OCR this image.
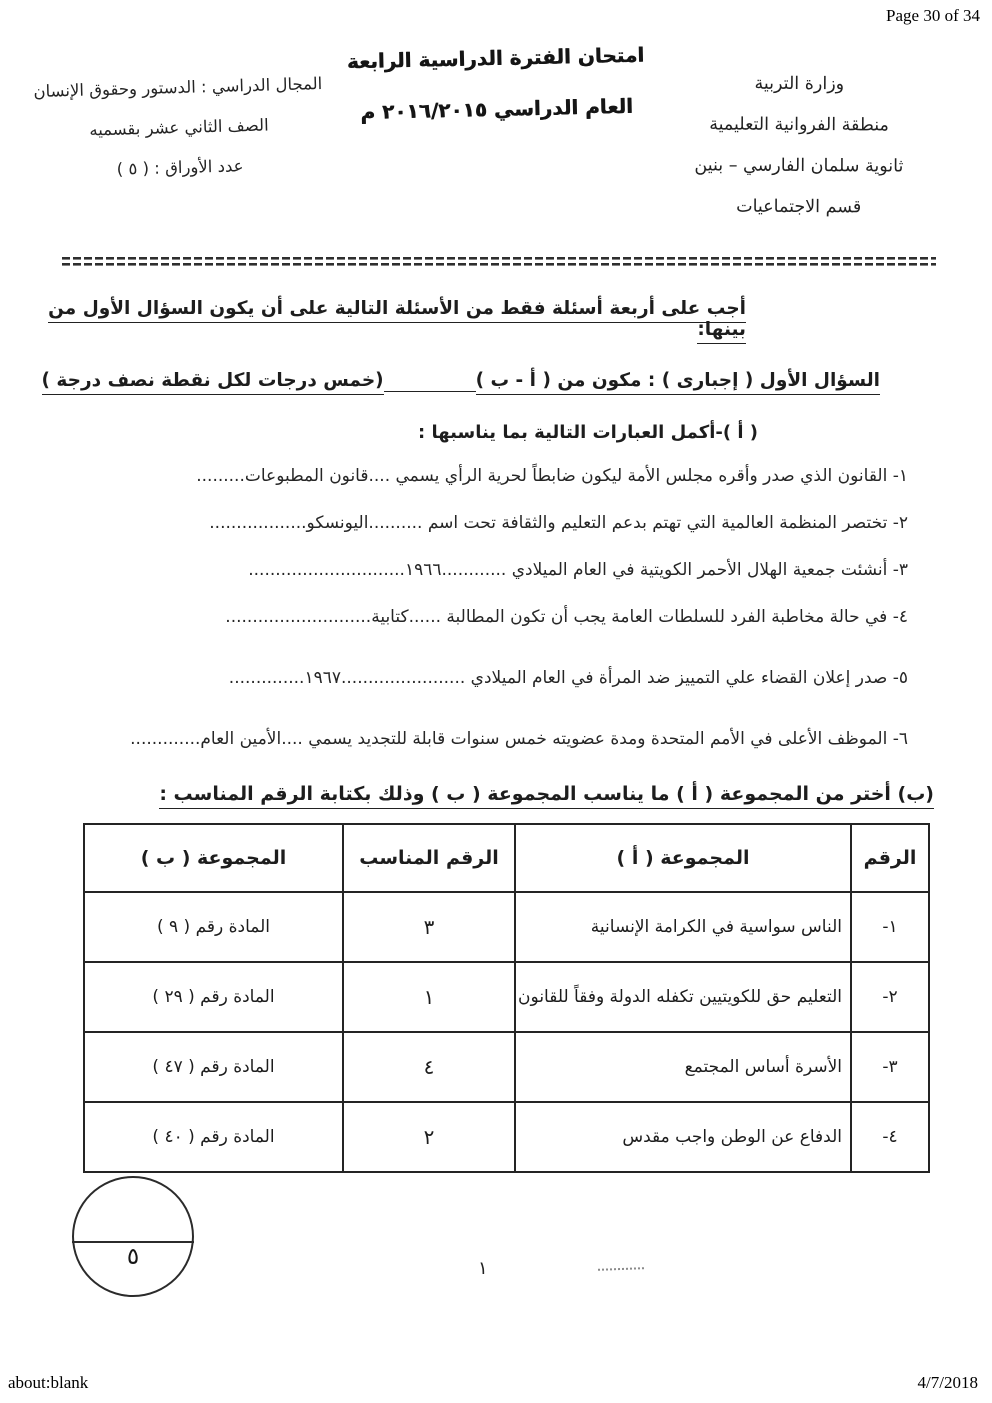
Page 30 of 34
وزارة التربية
منطقة الفروانية التعليمية
ثانوية سلمان الفارسي – بنين
قسم الاجتماعيات
امتحان الفترة الدراسية الرابعة
العام الدراسي ٢٠١٦/٢٠١٥ م
المجال الدراسي : الدستور وحقوق الإنسان
الصف الثاني عشر بقسميه
عدد الأوراق : ( ٥ )

أجب على أربعة أسئلة فقط من الأسئلة التالية على أن يكون السؤال الأول من بينها:

السؤال الأول ( إجبارى ) : مكون من ( أ - ب )(خمس درجات لكل نقطة نصف درجة )

( أ )-أكمل العبارات التالية بما يناسبها :

١- القانون الذي صدر وأقره مجلس الأمة ليكون ضابطاً لحرية الرأي يسمي ....قانون المطبوعات.........

٢- تختصر المنظمة العالمية التي تهتم بدعم التعليم والثقافة تحت اسم ..........اليونسكو..................

٣- أنشئت جمعية الهلال الأحمر الكويتية في العام الميلادي ............١٩٦٦.............................

٤- في حالة مخاطبة الفرد للسلطات العامة يجب أن تكون المطالبة ......كتابية...........................

٥- صدر إعلان القضاء علي التمييز ضد المرأة في العام الميلادي .......................١٩٦٧..............

٦- الموظف الأعلى في الأمم المتحدة ومدة عضويته خمس سنوات قابلة للتجديد يسمي ....الأمين العام.............

(ب) أختر من المجموعة ( أ ) ما يناسب المجموعة ( ب ) وذلك بكتابة الرقم المناسب :

الرقم	المجموعة ( أ )	الرقم المناسب	المجموعة ( ب )
١-	الناس سواسية في الكرامة الإنسانية	٣	المادة رقم ( ٩ )
٢-	التعليم حق للكويتيين تكفله الدولة وفقاً للقانون	١	المادة رقم ( ٢٩ )
٣-	الأسرة أساس المجتمع	٤	المادة رقم ( ٤٧ )
٤-	الدفاع عن الوطن واجب مقدس	٢	المادة رقم ( ٤٠ )
٥	١
about:blank	4/7/2018
